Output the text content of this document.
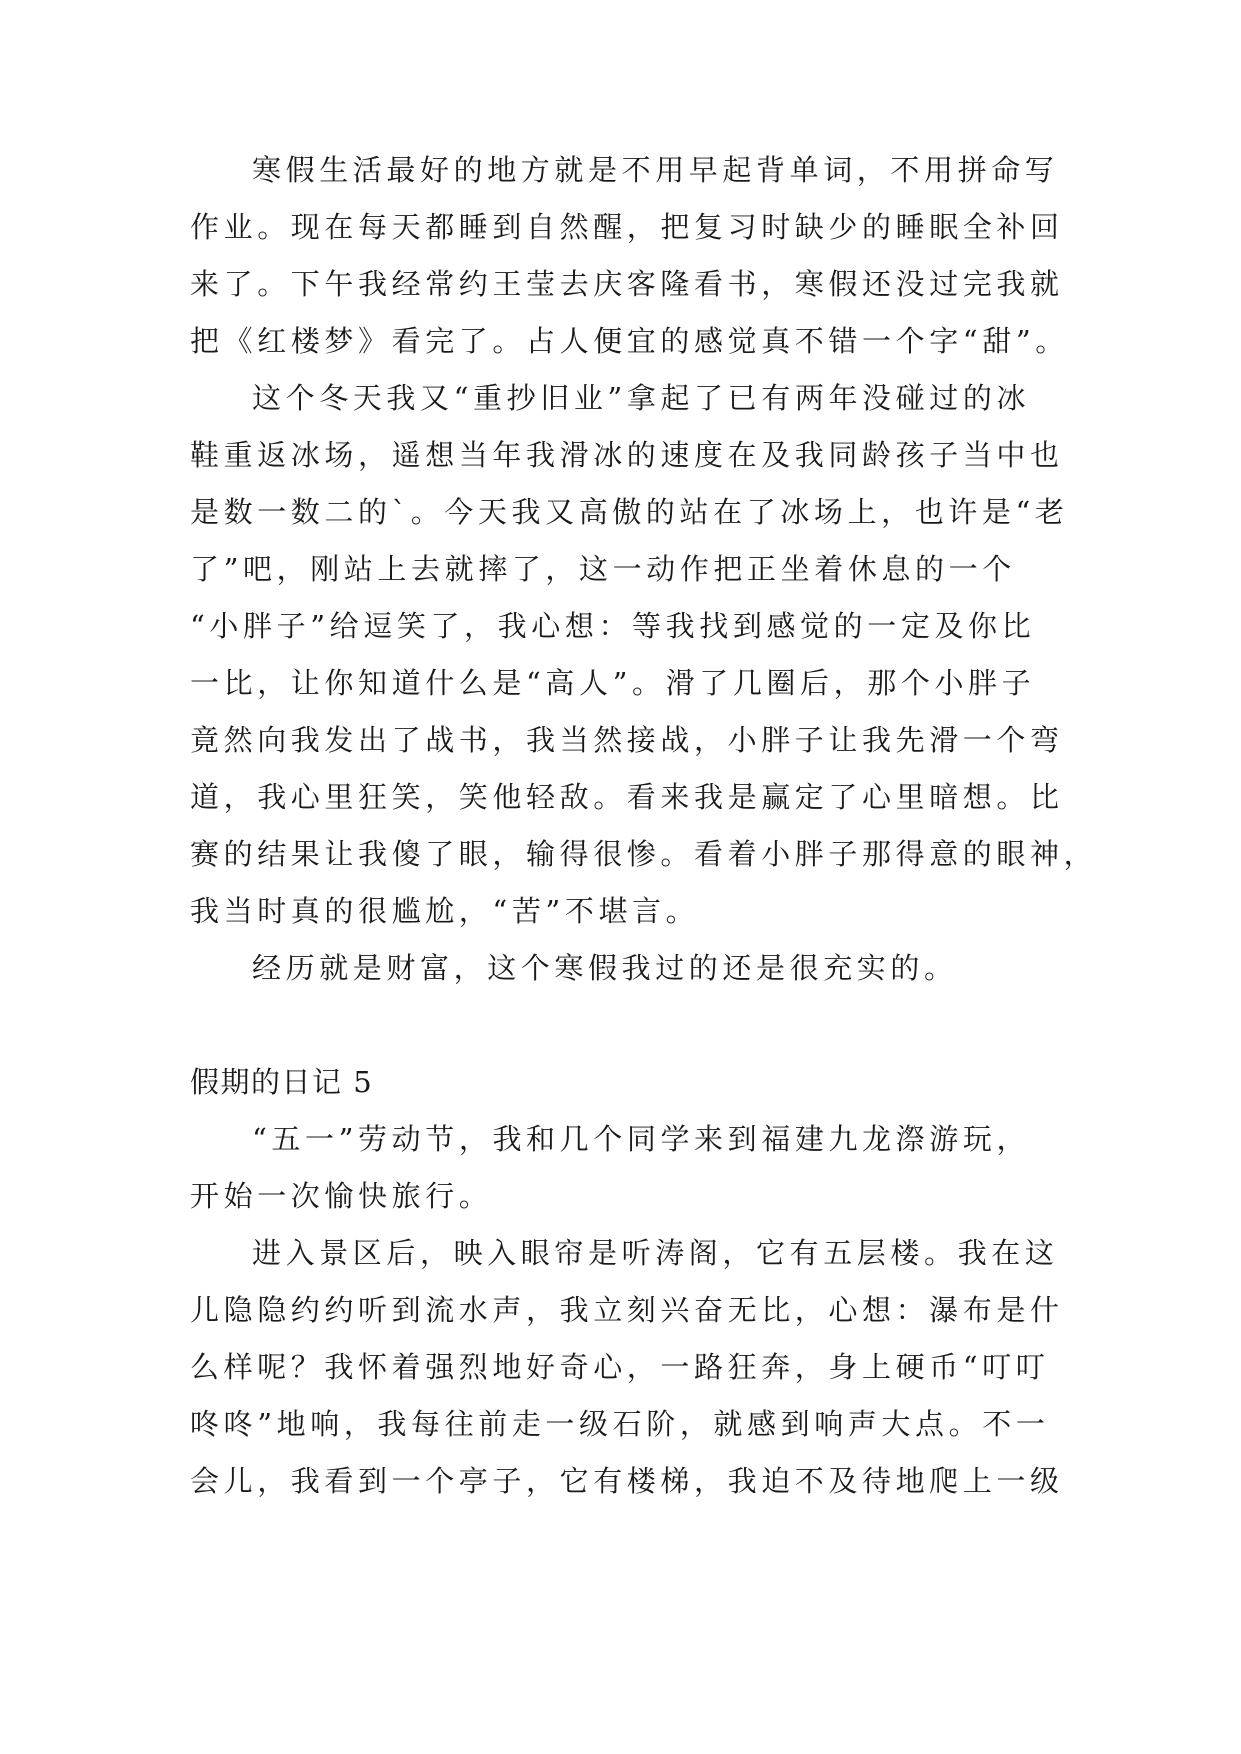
寒假生活最好的地方就是不用早起背单词，不用拼命写
作业。现在每天都睡到自然醒，把复习时缺少的睡眠全补回
来了。下午我经常约王莹去庆客隆看书，寒假还没过完我就
把《红楼梦》看完了。占人便宜的感觉真不错一个字“甜”。
这个冬天我又“重抄旧业”拿起了已有两年没碰过的冰
鞋重返冰场，遥想当年我滑冰的速度在及我同龄孩子当中也
是数一数二的`。今天我又高傲的站在了冰场上，也许是“老
了”吧，刚站上去就摔了，这一动作把正坐着休息的一个
“小胖子”给逗笑了，我心想：等我找到感觉的一定及你比
一比，让你知道什么是“高人”。滑了几圈后，那个小胖子
竟然向我发出了战书，我当然接战，小胖子让我先滑一个弯
道，我心里狂笑，笑他轻敌。看来我是赢定了心里暗想。比
赛的结果让我傻了眼，输得很惨。看着小胖子那得意的眼神，
我当时真的很尴尬，“苦”不堪言。
经历就是财富，这个寒假我过的还是很充实的。
假期的日记 5
“五一”劳动节，我和几个同学来到福建九龙漈游玩，
开始一次愉快旅行。
进入景区后，映入眼帘是听涛阁，它有五层楼。我在这
儿隐隐约约听到流水声，我立刻兴奋无比，心想：瀑布是什
么样呢？我怀着强烈地好奇心，一路狂奔，身上硬币“叮叮
咚咚”地响，我每往前走一级石阶，就感到响声大点。不一
会儿，我看到一个亭子，它有楼梯，我迫不及待地爬上一级
